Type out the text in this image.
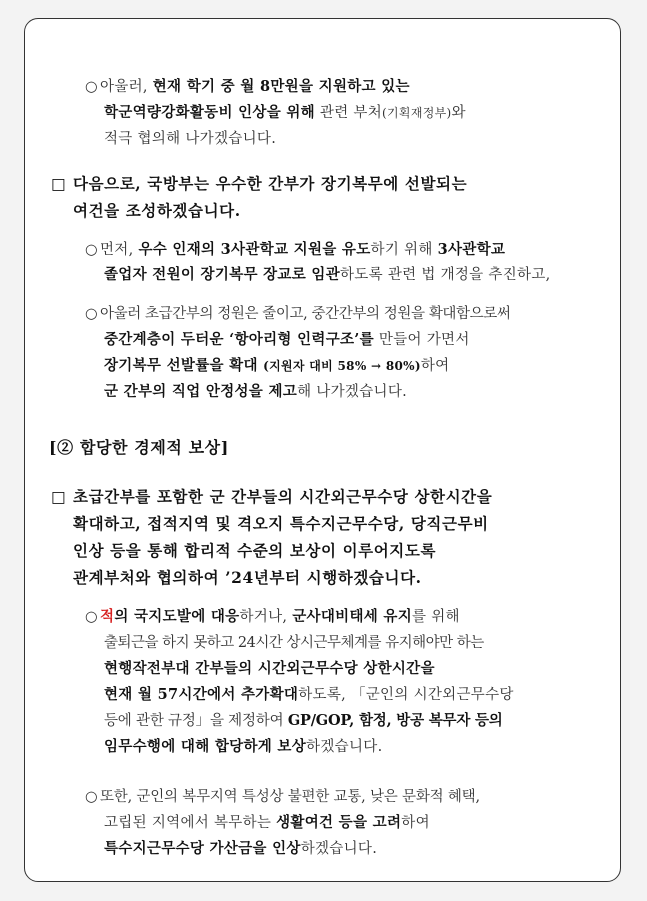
○ 아울러, 현재 학기 중 월 8만원을 지원하고 있는
학군역량강화활동비 인상을 위해 관련 부처(기획재정부)와
적극 협의해 나가겠습니다.
□ 다음으로, 국방부는 우수한 간부가 장기복무에 선발되는
여건을 조성하겠습니다.
○ 먼저, 우수 인재의 3사관학교 지원을 유도하기 위해 3사관학교
졸업자 전원이 장기복무 장교로 임관하도록 관련 법 개정을 추진하고,
○ 아울러 초급간부의 정원은 줄이고, 중간간부의 정원을 확대함으로써
중간계층이 두터운 ‘항아리형 인력구조’를 만들어 가면서
장기복무 선발률을 확대 (지원자 대비 58% → 80%)하여
군 간부의 직업 안정성을 제고해 나가겠습니다.
[② 합당한 경제적 보상]
□ 초급간부를 포함한 군 간부들의 시간외근무수당 상한시간을
확대하고, 접적지역 및 격오지 특수지근무수당, 당직근무비
인상 등을 통해 합리적 수준의 보상이 이루어지도록
관계부처와 협의하여 ’24년부터 시행하겠습니다.
○ 적의 국지도발에 대응하거나, 군사대비태세 유지를 위해
출퇴근을 하지 못하고 24시간 상시근무체계를 유지해야만 하는
현행작전부대 간부들의 시간외근무수당 상한시간을
현재 월 57시간에서 추가확대하도록, 「군인의 시간외근무수당
등에 관한 규정」을 제정하여 GP/GOP, 함정, 방공 복무자 등의
임무수행에 대해 합당하게 보상하겠습니다.
○ 또한, 군인의 복무지역 특성상 불편한 교통, 낮은 문화적 혜택,
고립된 지역에서 복무하는 생활여건 등을 고려하여
특수지근무수당 가산금을 인상하겠습니다.
